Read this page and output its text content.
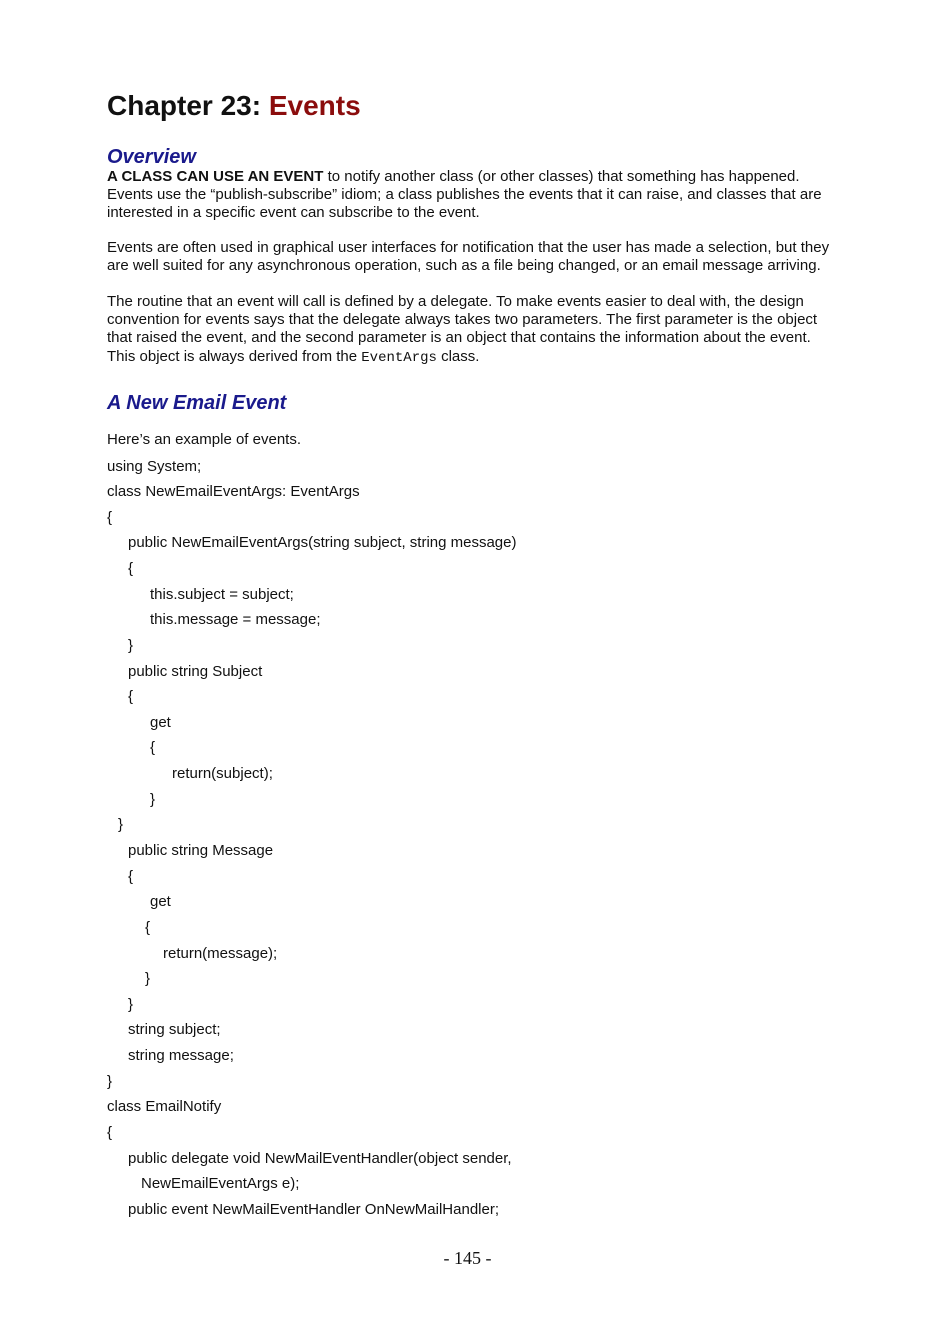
Chapter 23: Events
Overview

A CLASS CAN USE AN EVENT to notify another class (or other classes) that something has happened. Events use the “publish-subscribe” idiom; a class publishes the events that it can raise, and classes that are interested in a specific event can subscribe to the event.

Events are often used in graphical user interfaces for notification that the user has made a selection, but they are well suited for any asynchronous operation, such as a file being changed, or an email message arriving.

The routine that an event will call is defined by a delegate. To make events easier to deal with, the design convention for events says that the delegate always takes two parameters. The first parameter is the object that raised the event, and the second parameter is an object that contains the information about the event. This object is always derived from the EventArgs class.

A New Email Event

Here’s an example of events.

using System;

class NewEmailEventArgs: EventArgs

{

public NewEmailEventArgs(string subject, string message)

{

this.subject = subject;

this.message = message;

}

public string Subject

{

get

{

return(subject);

}

}

public string Message

{

get

{

return(message);

}

}

string subject;

string message;

}

class EmailNotify

{

public delegate void NewMailEventHandler(object sender,

NewEmailEventArgs e);

public event NewMailEventHandler OnNewMailHandler;

- 145 -
